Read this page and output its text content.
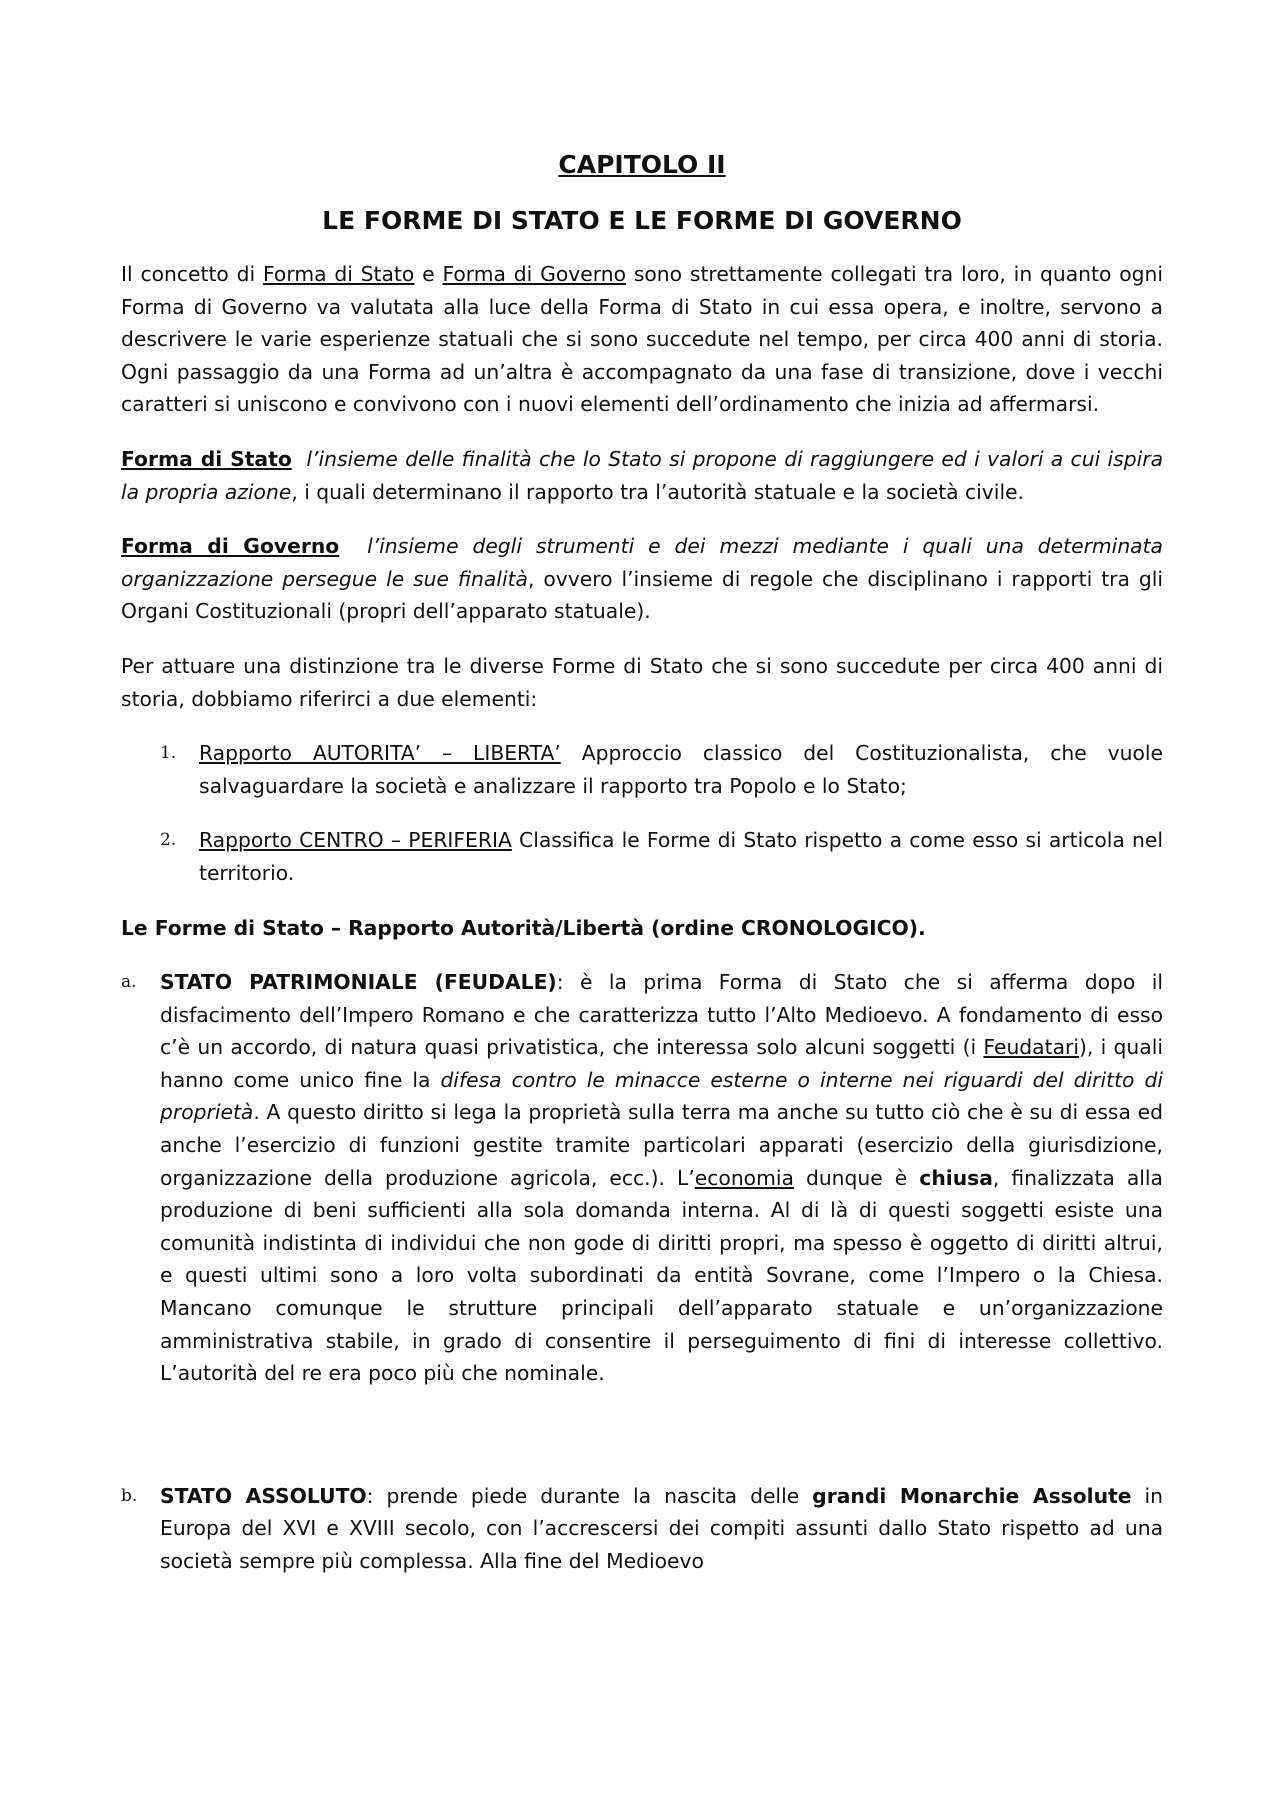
CAPITOLO II
LE FORME DI STATO E LE FORME DI GOVERNO

Il concetto di Forma di Stato e Forma di Governo sono strettamente collegati tra loro, in quanto ogni Forma di Governo va valutata alla luce della Forma di Stato in cui essa opera, e inoltre, servono a descrivere le varie esperienze statuali che si sono succedute nel tempo, per circa 400 anni di storia. Ogni passaggio da una Forma ad un’altra è accompagnato da una fase di transizione, dove i vecchi caratteri si uniscono e convivono con i nuovi elementi dell’ordinamento che inizia ad affermarsi.

Forma di Stato l’insieme delle finalità che lo Stato si propone di raggiungere ed i valori a cui ispira la propria azione, i quali determinano il rapporto tra l’autorità statuale e la società civile.

Forma di Governo l’insieme degli strumenti e dei mezzi mediante i quali una determinata organizzazione persegue le sue finalità, ovvero l’insieme di regole che disciplinano i rapporti tra gli Organi Costituzionali (propri dell’apparato statuale).

Per attuare una distinzione tra le diverse Forme di Stato che si sono succedute per circa 400 anni di storia, dobbiamo riferirci a due elementi:

1.	Rapporto AUTORITA’ – LIBERTA’ Approccio classico del Costituzionalista, che vuole salvaguardare la società e analizzare il rapporto tra Popolo e lo Stato;
2.	Rapporto CENTRO – PERIFERIA Classifica le Forme di Stato rispetto a come esso si articola nel territorio.

Le Forme di Stato – Rapporto Autorità/Libertà (ordine CRONOLOGICO).

a.	STATO PATRIMONIALE (FEUDALE): è la prima Forma di Stato che si afferma dopo il disfacimento dell’Impero Romano e che caratterizza tutto l’Alto Medioevo. A fondamento di esso c’è un accordo, di natura quasi privatistica, che interessa solo alcuni soggetti (i Feudatari), i quali hanno come unico fine la difesa contro le minacce esterne o interne nei riguardi del diritto di proprietà. A questo diritto si lega la proprietà sulla terra ma anche su tutto ciò che è su di essa ed anche l’esercizio di funzioni gestite tramite particolari apparati (esercizio della giurisdizione, organizzazione della produzione agricola, ecc.). L’economia dunque è chiusa, finalizzata alla produzione di beni sufficienti alla sola domanda interna. Al di là di questi soggetti esiste una comunità indistinta di individui che non gode di diritti propri, ma spesso è oggetto di diritti altrui, e questi ultimi sono a loro volta subordinati da entità Sovrane, come l’Impero o la Chiesa. Mancano comunque le strutture principali dell’apparato statuale e un’organizzazione amministrativa stabile, in grado di consentire il perseguimento di fini di interesse collettivo. L’autorità del re era poco più che nominale.
b.	STATO ASSOLUTO: prende piede durante la nascita delle grandi Monarchie Assolute in Europa del XVI e XVIII secolo, con l’accrescersi dei compiti assunti dallo Stato rispetto ad una società sempre più complessa. Alla fine del Medioevo
